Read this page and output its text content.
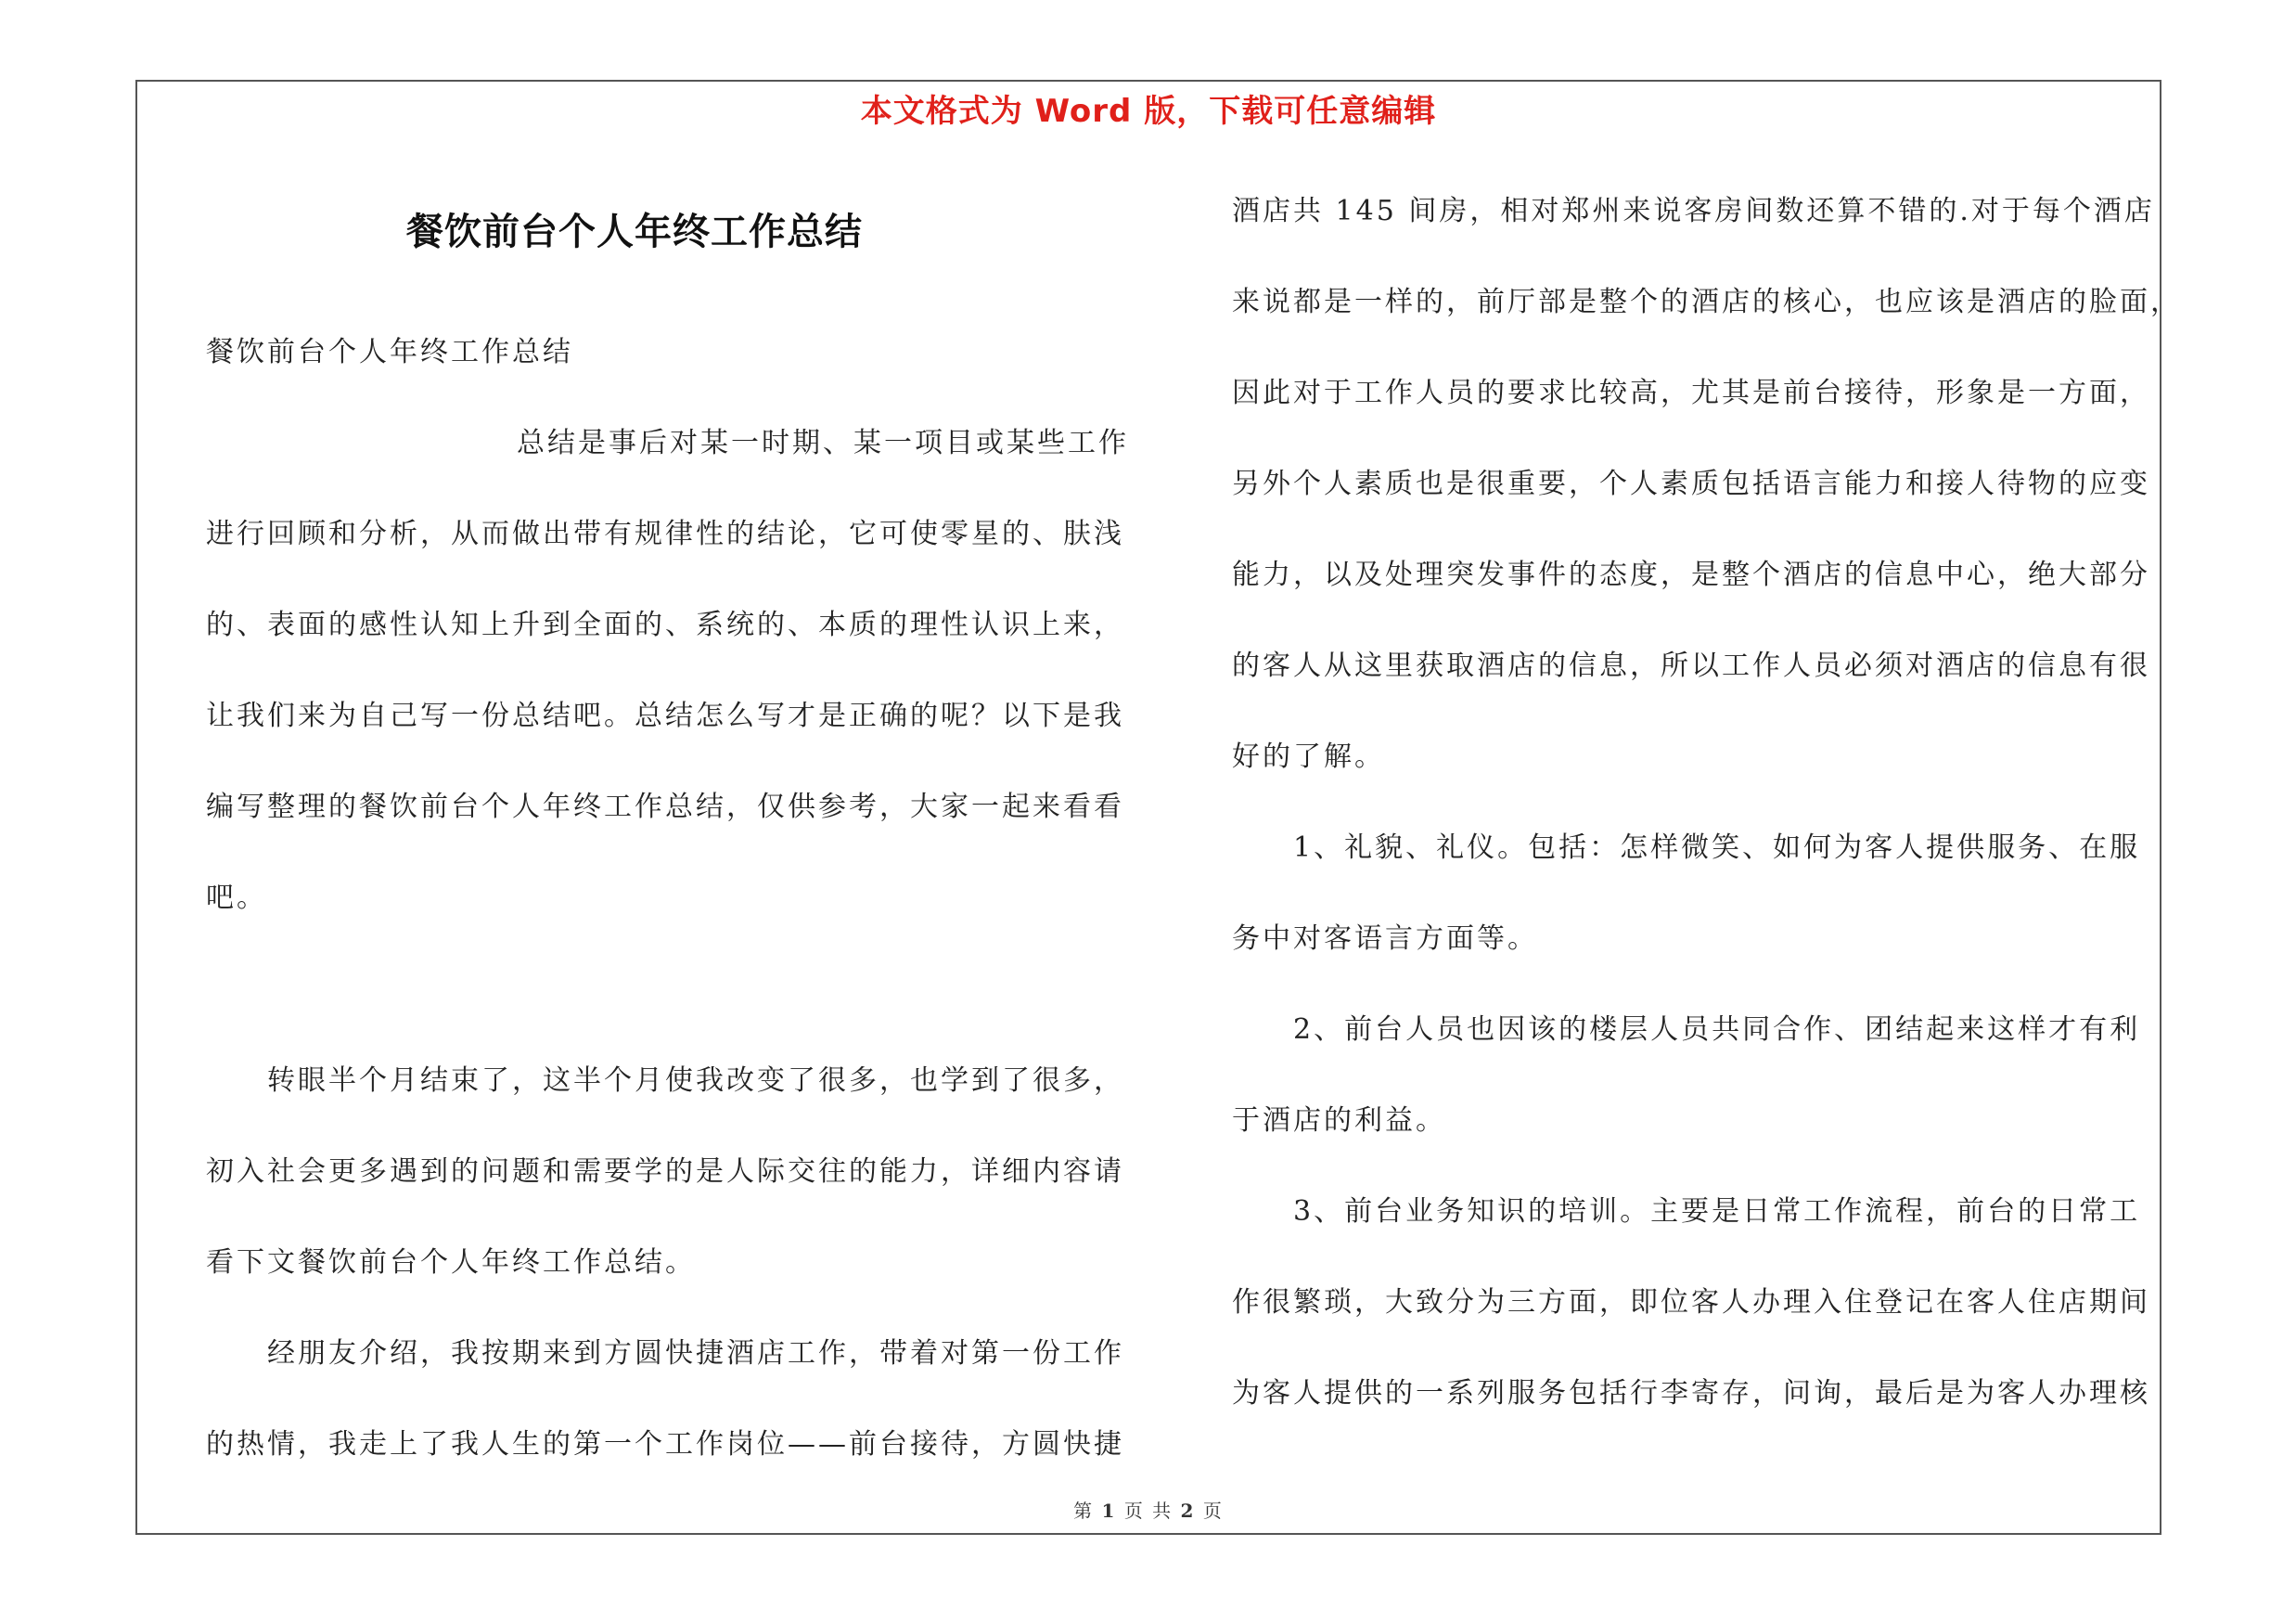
本文格式为 Word 版，下载可任意编辑
餐饮前台个人年终工作总结
餐饮前台个人年终工作总结
总结是事后对某一时期、某一项目或某些工作
进行回顾和分析，从而做出带有规律性的结论，它可使零星的、肤浅
的、表面的感性认知上升到全面的、系统的、本质的理性认识上来，
让我们来为自己写一份总结吧。总结怎么写才是正确的呢？以下是我
编写整理的餐饮前台个人年终工作总结，仅供参考，大家一起来看看
吧。
转眼半个月结束了，这半个月使我改变了很多，也学到了很多，
初入社会更多遇到的问题和需要学的是人际交往的能力，详细内容请
看下文餐饮前台个人年终工作总结。
经朋友介绍，我按期来到方圆快捷酒店工作，带着对第一份工作
的热情，我走上了我人生的第一个工作岗位——前台接待，方圆快捷
酒店共 145 间房，相对郑州来说客房间数还算不错的.对于每个酒店
来说都是一样的，前厅部是整个的酒店的核心，也应该是酒店的脸面，
因此对于工作人员的要求比较高，尤其是前台接待，形象是一方面，
另外个人素质也是很重要，个人素质包括语言能力和接人待物的应变
能力，以及处理突发事件的态度，是整个酒店的信息中心，绝大部分
的客人从这里获取酒店的信息，所以工作人员必须对酒店的信息有很
好的了解。
1、礼貌、礼仪。包括：怎样微笑、如何为客人提供服务、在服
务中对客语言方面等。
2、前台人员也因该的楼层人员共同合作、团结起来这样才有利
于酒店的利益。
3、前台业务知识的培训。主要是日常工作流程，前台的日常工
作很繁琐，大致分为三方面，即位客人办理入住登记在客人住店期间
为客人提供的一系列服务包括行李寄存，问询，最后是为客人办理核
第 1 页 共 2 页
